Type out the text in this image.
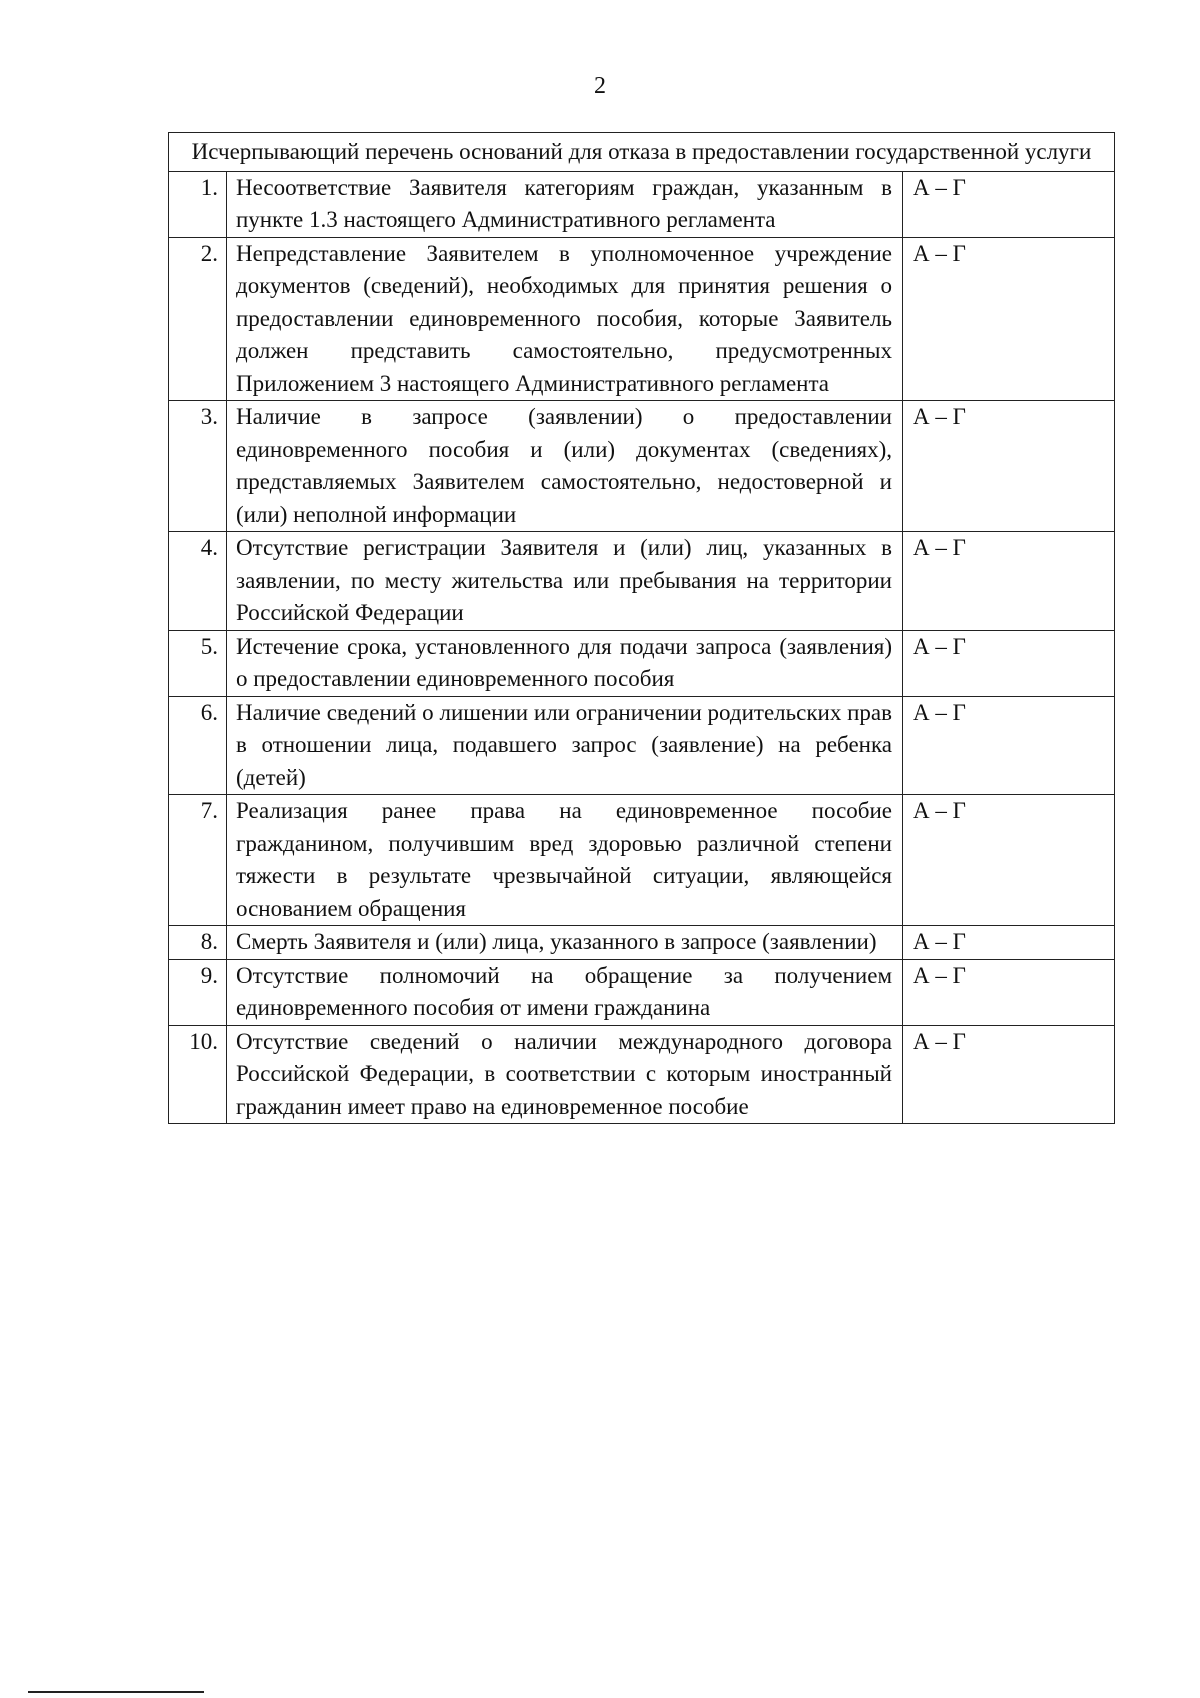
2
Исчерпывающий перечень оснований для отказа в предоставлении государственной услуги		
1.	Несоответствие Заявителя категориям граждан, указанным в пункте 1.3 настоящего Административного регламента	А – Г
2.	Непредставление Заявителем в уполномоченное учреждение документов (сведений), необходимых для принятия решения о предоставлении единовременного пособия, которые Заявитель должен представить самостоятельно, предусмотренных Приложением 3 настоящего Административного регламента	А – Г
3.	Наличие в запросе (заявлении) о предоставлении единовременного пособия и (или) документах (сведениях), представляемых Заявителем самостоятельно, недостоверной и (или) неполной информации	А – Г
4.	Отсутствие регистрации Заявителя и (или) лиц, указанных в заявлении, по месту жительства или пребывания на территории Российской Федерации	А – Г
5.	Истечение срока, установленного для подачи запроса (заявления) о предоставлении единовременного пособия	А – Г
6.	Наличие сведений о лишении или ограничении родительских прав в отношении лица, подавшего запрос (заявление) на ребенка (детей)	А – Г
7.	Реализация ранее права на единовременное пособие гражданином, получившим вред здоровью различной степени тяжести в результате чрезвычайной ситуации, являющейся основанием обращения	А – Г
8.	Смерть Заявителя и (или) лица, указанного в запросе (заявлении)	А – Г
9.	Отсутствие полномочий на обращение за получением единовременного пособия от имени гражданина	А – Г
10.	Отсутствие сведений о наличии международного договора Российской Федерации, в соответствии с которым иностранный гражданин имеет право на единовременное пособие	А – Г
